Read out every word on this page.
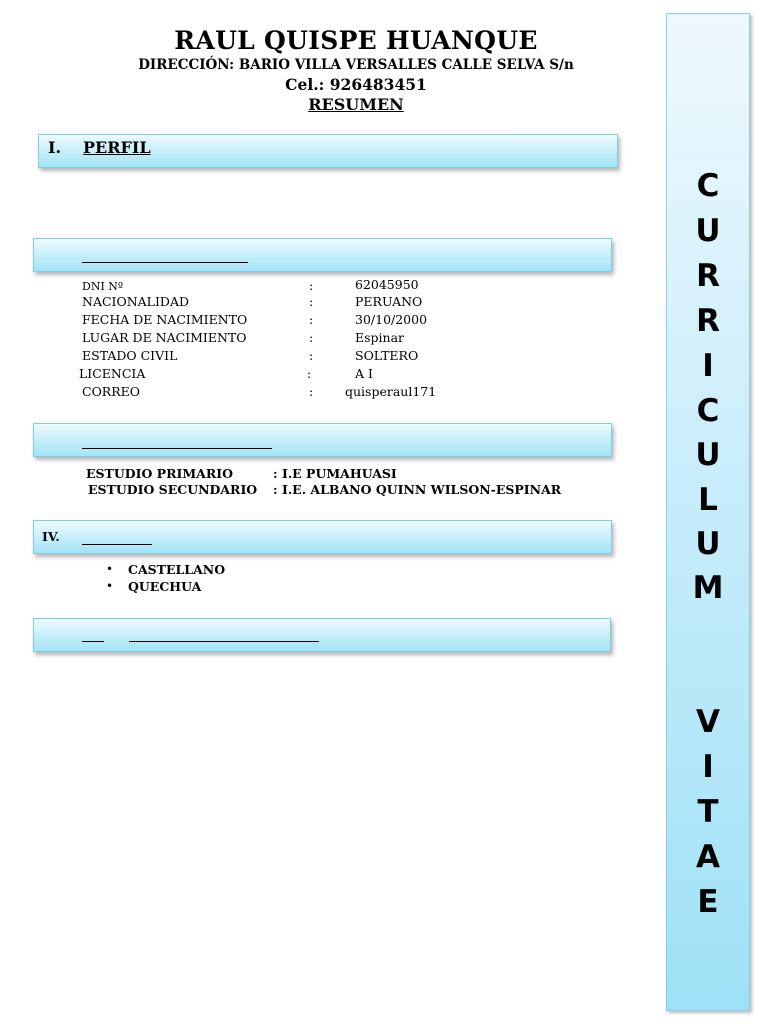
RAUL QUISPE HUANQUE
DIRECCIÓN: BARIO VILLA VERSALLES CALLE SELVA S/n
Cel.: 926483451
RESUMEN
I. PERFIL
DNI Nº	:	62045950
NACIONALIDAD	:	PERUANO
FECHA DE NACIMIENTO	:	30/10/2000
LUGAR DE NACIMIENTO	:	Espinar
ESTADO CIVIL	:	SOLTERO
LICENCIA	:	A I
CORREO	:	quisperaul171
ESTUDIO PRIMARIO	: I.E PUMAHUASI
ESTUDIO SECUNDARIO : I.E. ALBANO QUINN WILSON-ESPINAR
IV.
• CASTELLANO
• QUECHUA
C
U
R
R
I
C
U
L
U
M
V
I
T
A
E
